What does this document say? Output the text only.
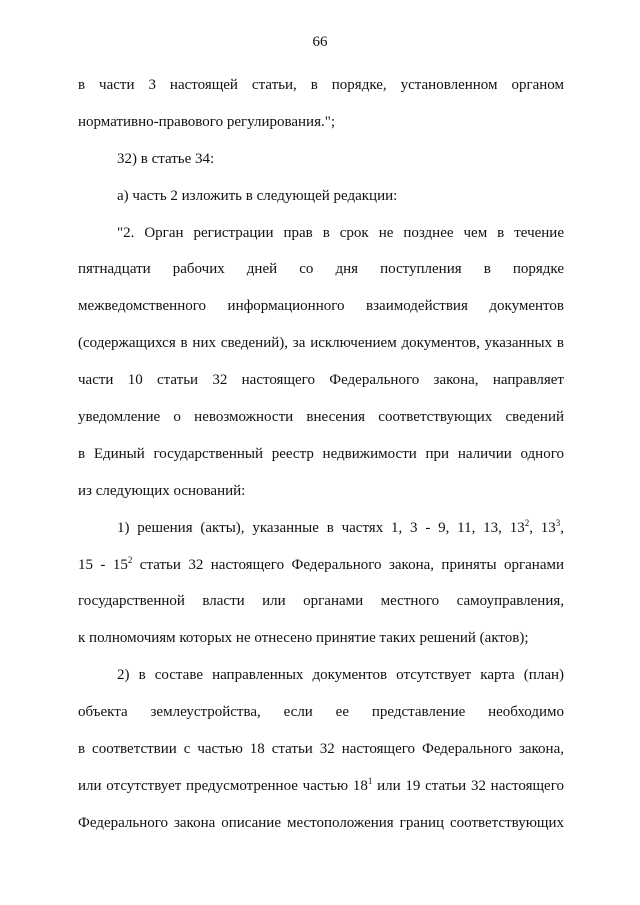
66
в части 3 настоящей статьи, в порядке, установленном органом
нормативно-правового регулирования.";
32) в статье 34:
а) часть 2 изложить в следующей редакции:
"2. Орган регистрации прав в срок не позднее чем в течение
пятнадцати рабочих дней со дня поступления в порядке
межведомственного информационного взаимодействия документов
(содержащихся в них сведений), за исключением документов, указанных в
части 10 статьи 32 настоящего Федерального закона, направляет
уведомление о невозможности внесения соответствующих сведений
в Единый государственный реестр недвижимости при наличии одного
из следующих оснований:
1) решения (акты), указанные в частях 1, 3 - 9, 11, 13, $13^2$, $13^3$,
$15 - 15^2$ статьи 32 настоящего Федерального закона, приняты органами
государственной власти или органами местного самоуправления,
к полномочиям которых не отнесено принятие таких решений (актов);
2) в составе направленных документов отсутствует карта (план)
объекта землеустройства, если ее представление необходимо
в соответствии с частью 18 статьи 32 настоящего Федерального закона,
или отсутствует предусмотренное частью $18^1$ или 19 статьи 32 настоящего
Федерального закона описание местоположения границ соответствующих
